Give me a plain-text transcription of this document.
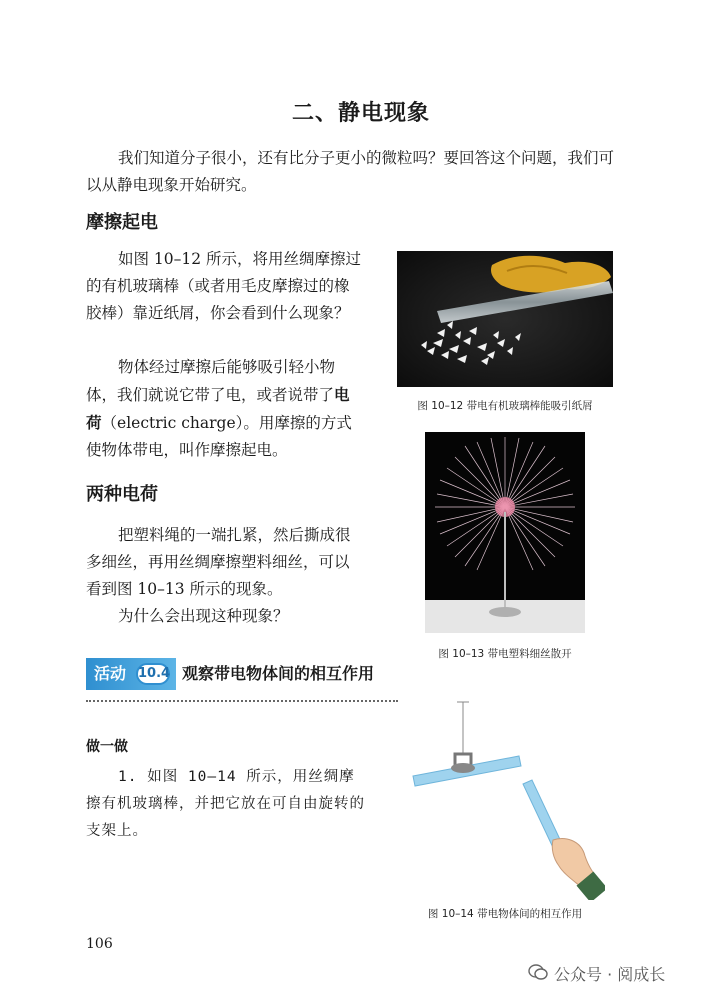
二、静电现象
我们知道分子很小，还有比分子更小的微粒吗？要回答这个问题，我们可以从静电现象开始研究。
摩擦起电
如图 10–12 所示，将用丝绸摩擦过的有机玻璃棒（或者用毛皮摩擦过的橡胶棒）靠近纸屑，你会看到什么现象？
物体经过摩擦后能够吸引轻小物体，我们就说它带了电，或者说带了电荷（electric charge）。用摩擦的方式使物体带电，叫作摩擦起电。
两种电荷
把塑料绳的一端扎紧，然后撕成很多细丝，再用丝绸摩擦塑料细丝，可以看到图 10–13 所示的现象。
为什么会出现这种现象？
图 10–12 带电有机玻璃棒能吸引纸屑
图 10–13 带电塑料细丝散开
活动 10.4 观察带电物体间的相互作用
做一做
1. 如图 10–14 所示，用丝绸摩擦有机玻璃棒，并把它放在可自由旋转的支架上。
图 10–14 带电物体间的相互作用
106
公众号 · 阅成长
